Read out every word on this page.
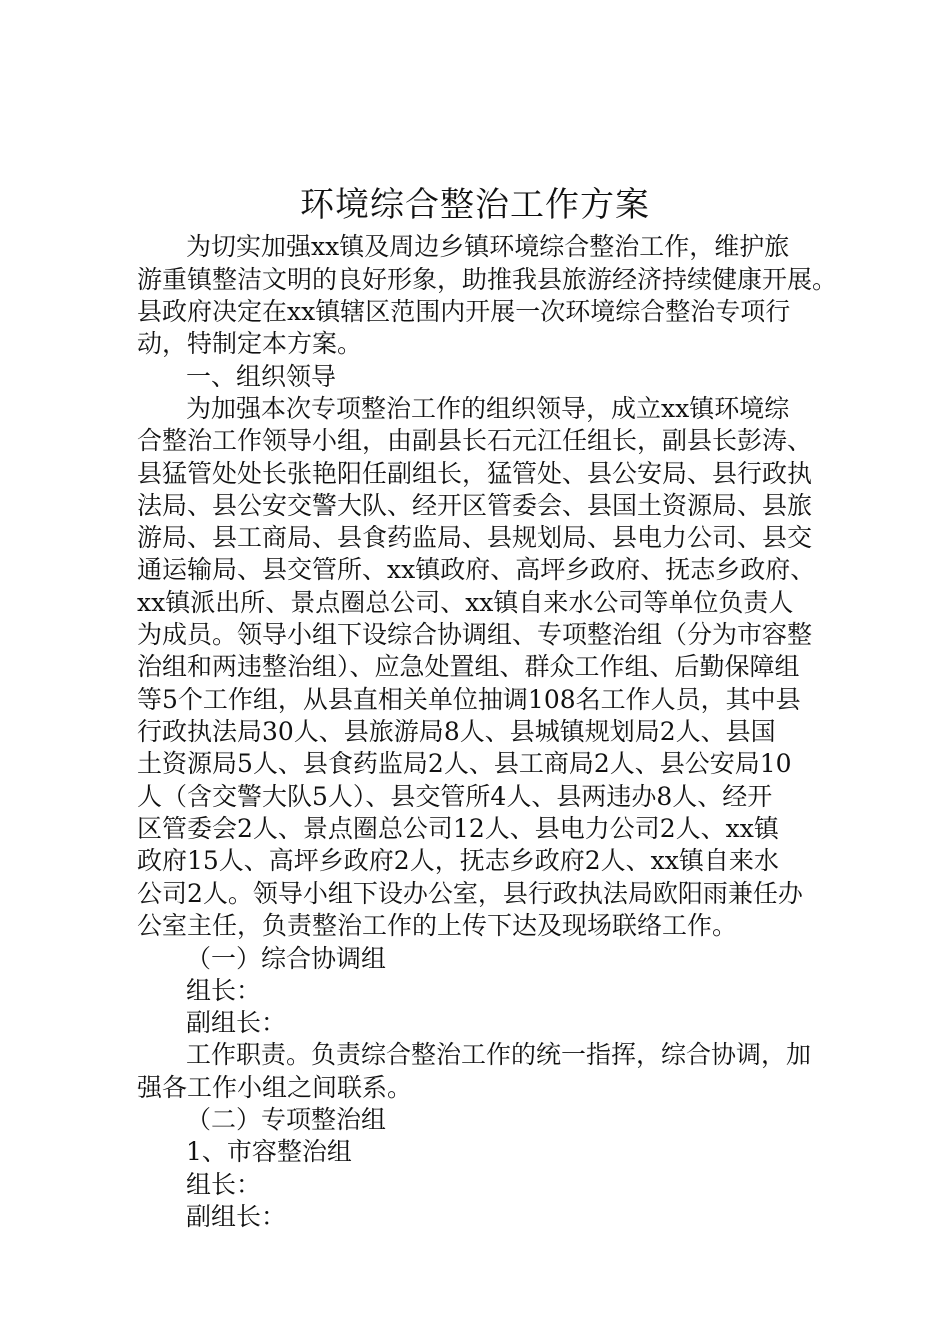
环境综合整治工作方案

为切实加强xx镇及周边乡镇环境综合整治工作，维护旅

游重镇整洁文明的良好形象，助推我县旅游经济持续健康开展。

县政府决定在xx镇辖区范围内开展一次环境综合整治专项行

动，特制定本方案。

一、组织领导

为加强本次专项整治工作的组织领导，成立xx镇环境综

合整治工作领导小组，由副县长石元江任组长，副县长彭涛、

县猛管处处长张艳阳任副组长，猛管处、县公安局、县行政执

法局、县公安交警大队、经开区管委会、县国土资源局、县旅

游局、县工商局、县食药监局、县规划局、县电力公司、县交

通运输局、县交管所、xx镇政府、高坪乡政府、抚志乡政府、

xx镇派出所、景点圈总公司、xx镇自来水公司等单位负责人

为成员。领导小组下设综合协调组、专项整治组（分为市容整

治组和两违整治组）、应急处置组、群众工作组、后勤保障组

等5个工作组，从县直相关单位抽调108名工作人员，其中县

行政执法局30人、县旅游局8人、县城镇规划局2人、县国

土资源局5人、县食药监局2人、县工商局2人、县公安局10

人（含交警大队5人）、县交管所4人、县两违办8人、经开

区管委会2人、景点圈总公司12人、县电力公司2人、xx镇

政府15人、高坪乡政府2人，抚志乡政府2人、xx镇自来水

公司2人。领导小组下设办公室，县行政执法局欧阳雨兼任办

公室主任，负责整治工作的上传下达及现场联络工作。

（一）综合协调组

组长：

副组长：

工作职责。负责综合整治工作的统一指挥，综合协调，加

强各工作小组之间联系。

（二）专项整治组

1、市容整治组

组长：

副组长：
